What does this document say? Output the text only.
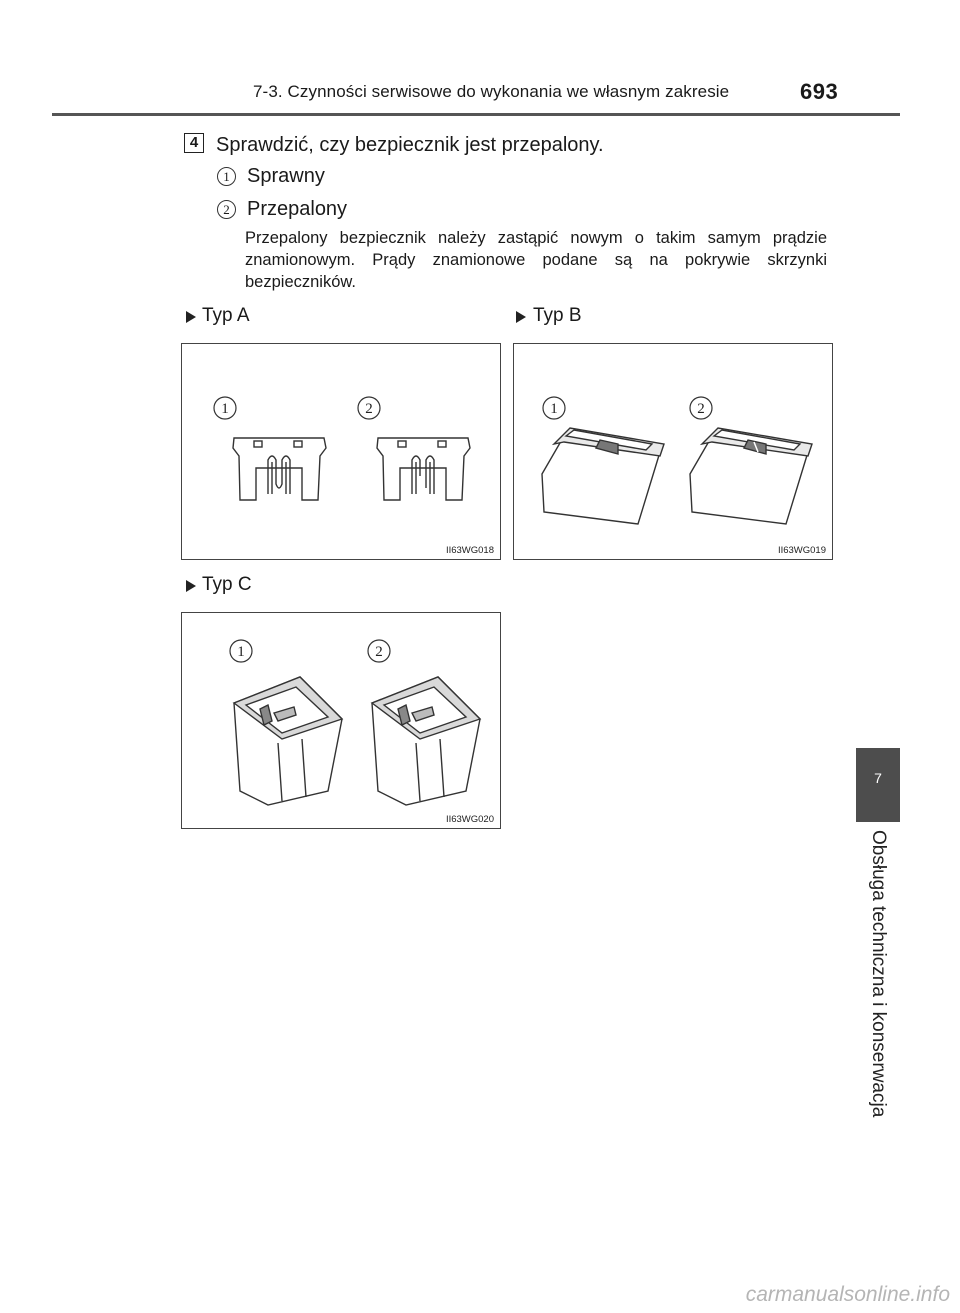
7-3. Czynności serwisowe do wykonania we własnym zakresie	693
4 Sprawdzić, czy bezpiecznik jest przepalony.
1 Sprawny
2 Przepalony

Przepalony bezpiecznik należy zastąpić nowym o takim samym prądzie znamionowym. Prądy znamionowe podane są na pokrywie skrzynki bezpieczników.

Typ A	Typ B
1	2
II63WG018
1	2
II63WG019
Typ C
1	2
II63WG020
7
Obsługa techniczna i konserwacja
carmanualsonline.info
